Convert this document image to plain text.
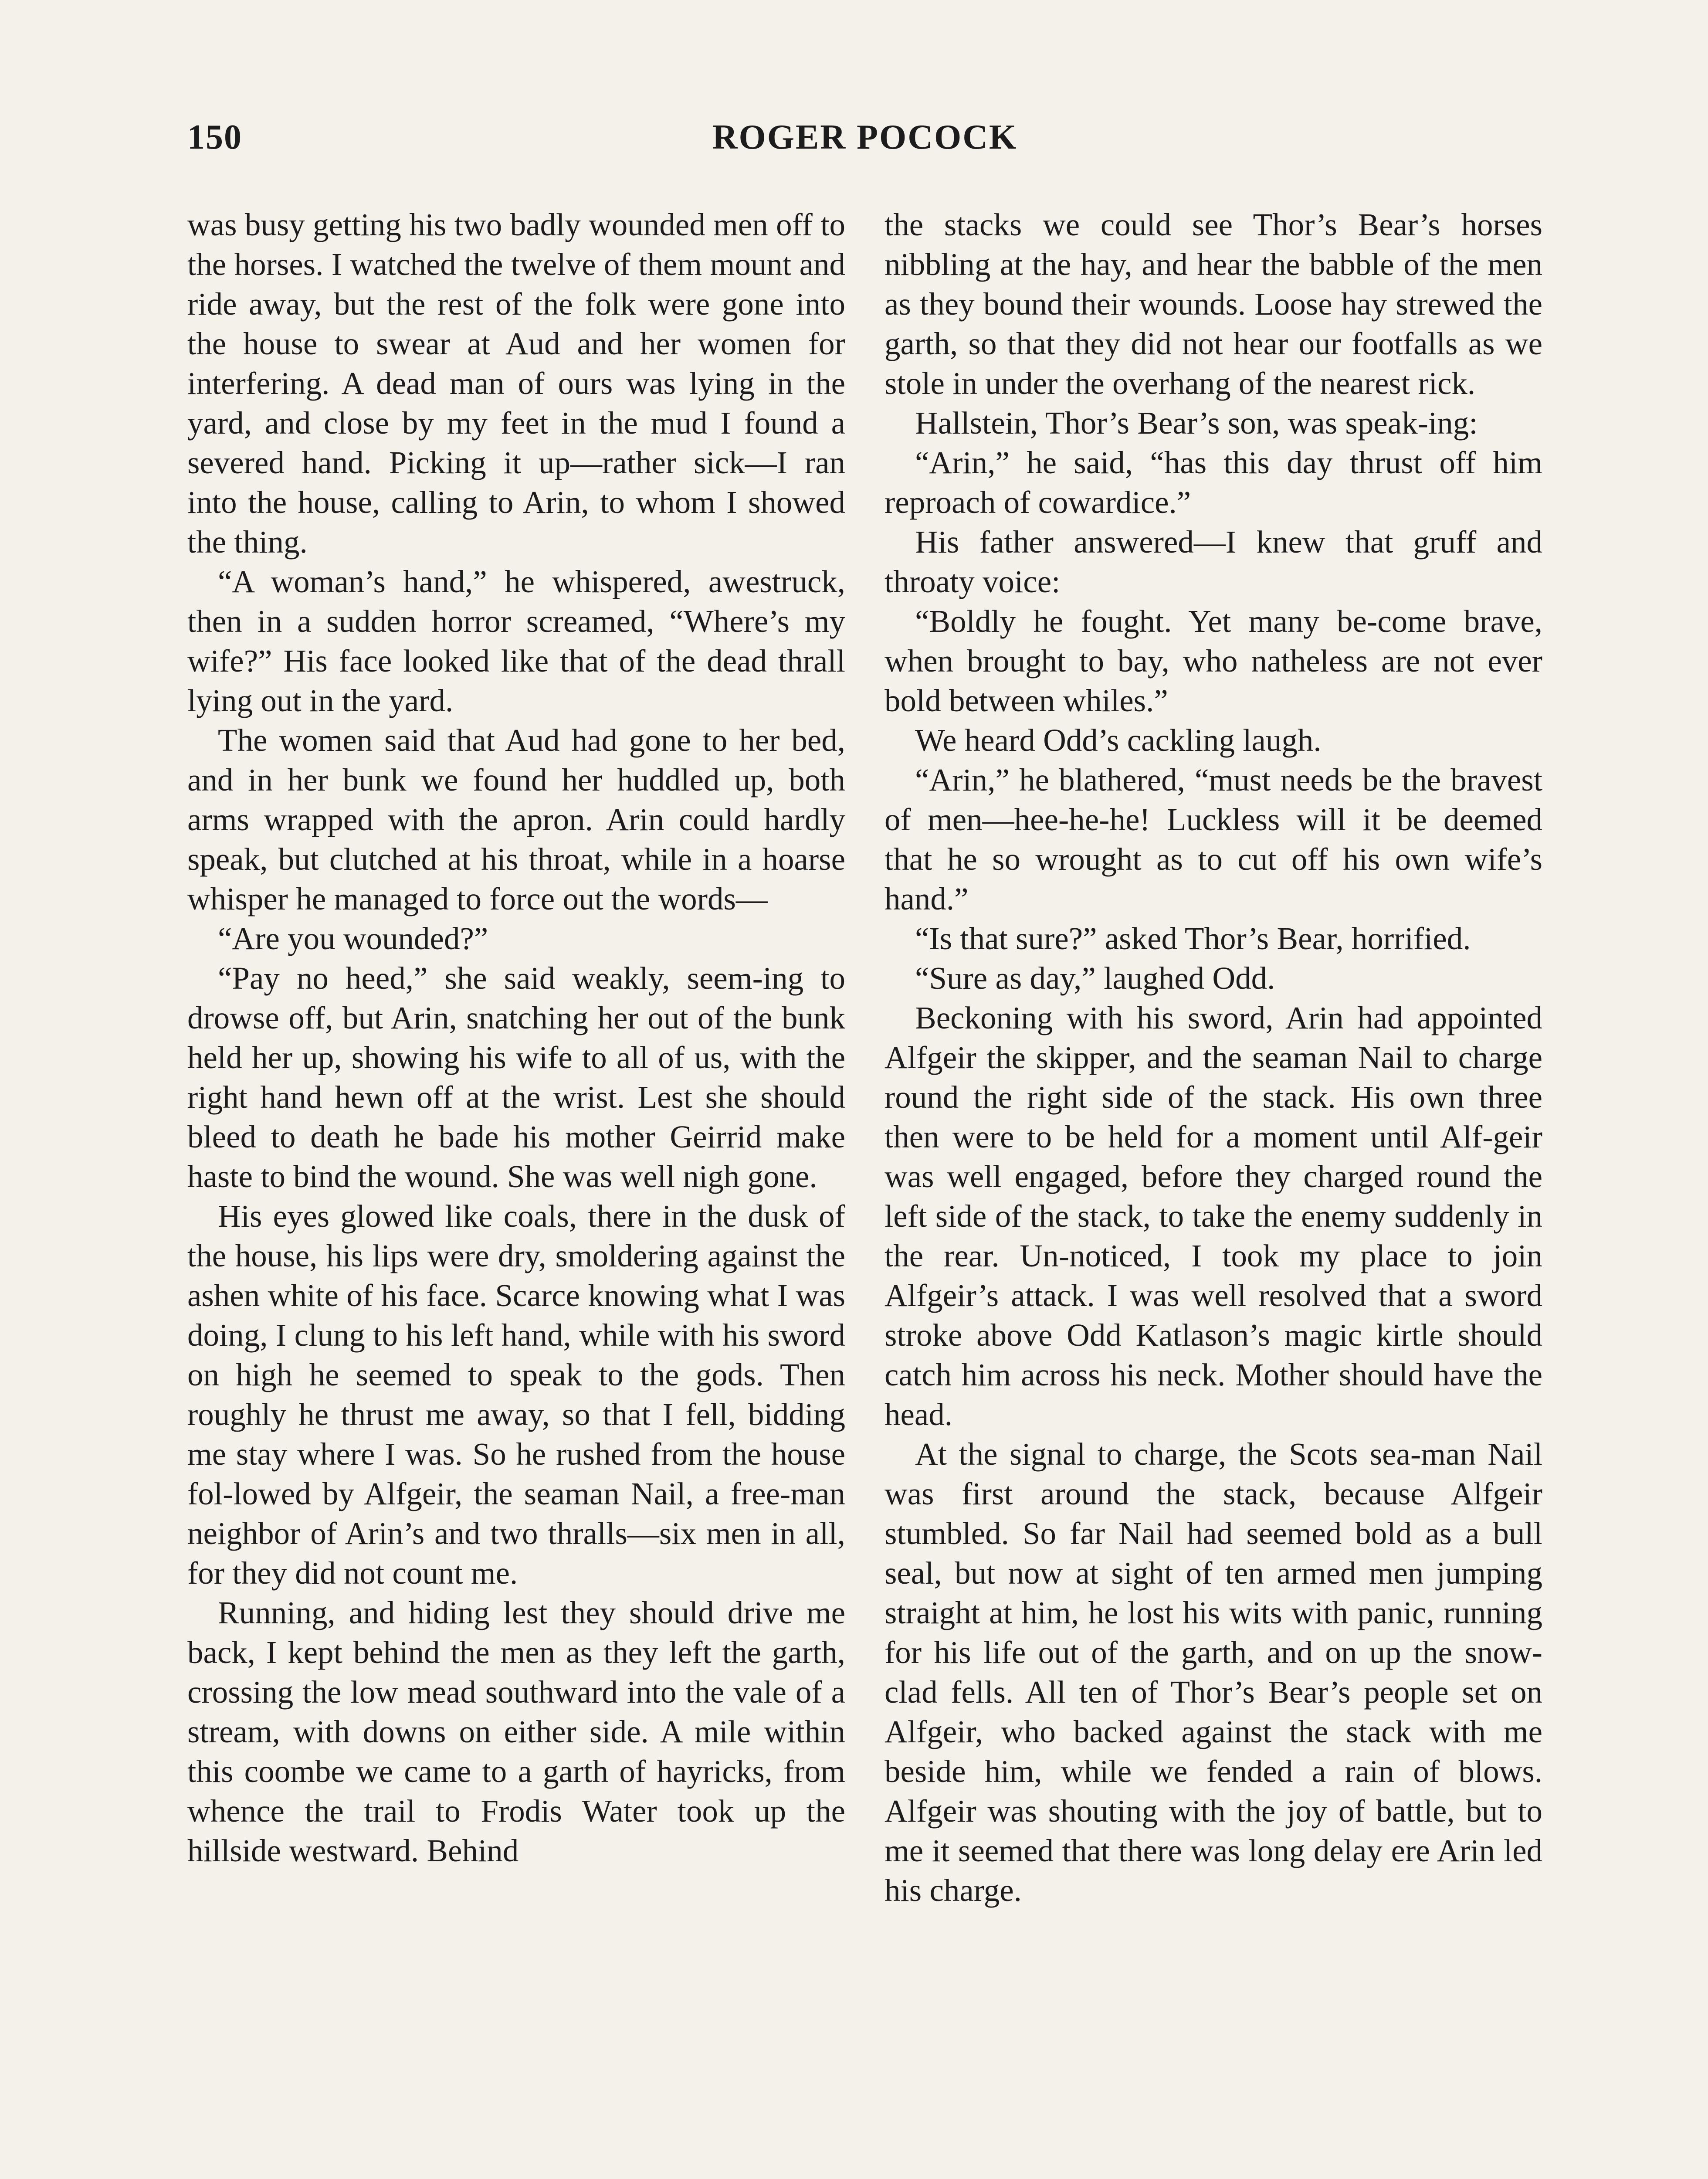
150	ROGER POCOCK

was busy getting his two badly wounded men off to the horses. I watched the twelve of them mount and ride away, but the rest of the folk were gone into the house to swear at Aud and her women for interfering. A dead man of ours was lying in the yard, and close by my feet in the mud I found a severed hand. Picking it up—rather sick—I ran into the house, calling to Arin, to whom I showed the thing.

“A woman’s hand,” he whispered, awestruck, then in a sudden horror screamed, “Where’s my wife?” His face looked like that of the dead thrall lying out in the yard.

The women said that Aud had gone to her bed, and in her bunk we found her huddled up, both arms wrapped with the apron. Arin could hardly speak, but clutched at his throat, while in a hoarse whisper he managed to force out the words—

“Are you wounded?”

“Pay no heed,” she said weakly, seem-ing to drowse off, but Arin, snatching her out of the bunk held her up, showing his wife to all of us, with the right hand hewn off at the wrist. Lest she should bleed to death he bade his mother Geirrid make haste to bind the wound. She was well nigh gone.

His eyes glowed like coals, there in the dusk of the house, his lips were dry, smoldering against the ashen white of his face. Scarce knowing what I was doing, I clung to his left hand, while with his sword on high he seemed to speak to the gods. Then roughly he thrust me away, so that I fell, bidding me stay where I was. So he rushed from the house fol-lowed by Alfgeir, the seaman Nail, a free-man neighbor of Arin’s and two thralls—six men in all, for they did not count me.

Running, and hiding lest they should drive me back, I kept behind the men as they left the garth, crossing the low mead southward into the vale of a stream, with downs on either side. A mile within this coombe we came to a garth of hayricks, from whence the trail to Frodis Water took up the hillside westward. Behind

the stacks we could see Thor’s Bear’s horses nibbling at the hay, and hear the babble of the men as they bound their wounds. Loose hay strewed the garth, so that they did not hear our footfalls as we stole in under the overhang of the nearest rick.

Hallstein, Thor’s Bear’s son, was speak-ing:

“Arin,” he said, “has this day thrust off him reproach of cowardice.”

His father answered—I knew that gruff and throaty voice:

“Boldly he fought. Yet many be-come brave, when brought to bay, who natheless are not ever bold between whiles.”

We heard Odd’s cackling laugh.

“Arin,” he blathered, “must needs be the bravest of men—hee-he-he! Luckless will it be deemed that he so wrought as to cut off his own wife’s hand.”

“Is that sure?” asked Thor’s Bear, horrified.

“Sure as day,” laughed Odd.

Beckoning with his sword, Arin had appointed Alfgeir the skipper, and the seaman Nail to charge round the right side of the stack. His own three then were to be held for a moment until Alf-geir was well engaged, before they charged round the left side of the stack, to take the enemy suddenly in the rear. Un-noticed, I took my place to join Alfgeir’s attack. I was well resolved that a sword stroke above Odd Katlason’s magic kirtle should catch him across his neck. Mother should have the head.

At the signal to charge, the Scots sea-man Nail was first around the stack, because Alfgeir stumbled. So far Nail had seemed bold as a bull seal, but now at sight of ten armed men jumping straight at him, he lost his wits with panic, running for his life out of the garth, and on up the snow-clad fells. All ten of Thor’s Bear’s people set on Alfgeir, who backed against the stack with me beside him, while we fended a rain of blows. Alfgeir was shouting with the joy of battle, but to me it seemed that there was long delay ere Arin led his charge.
